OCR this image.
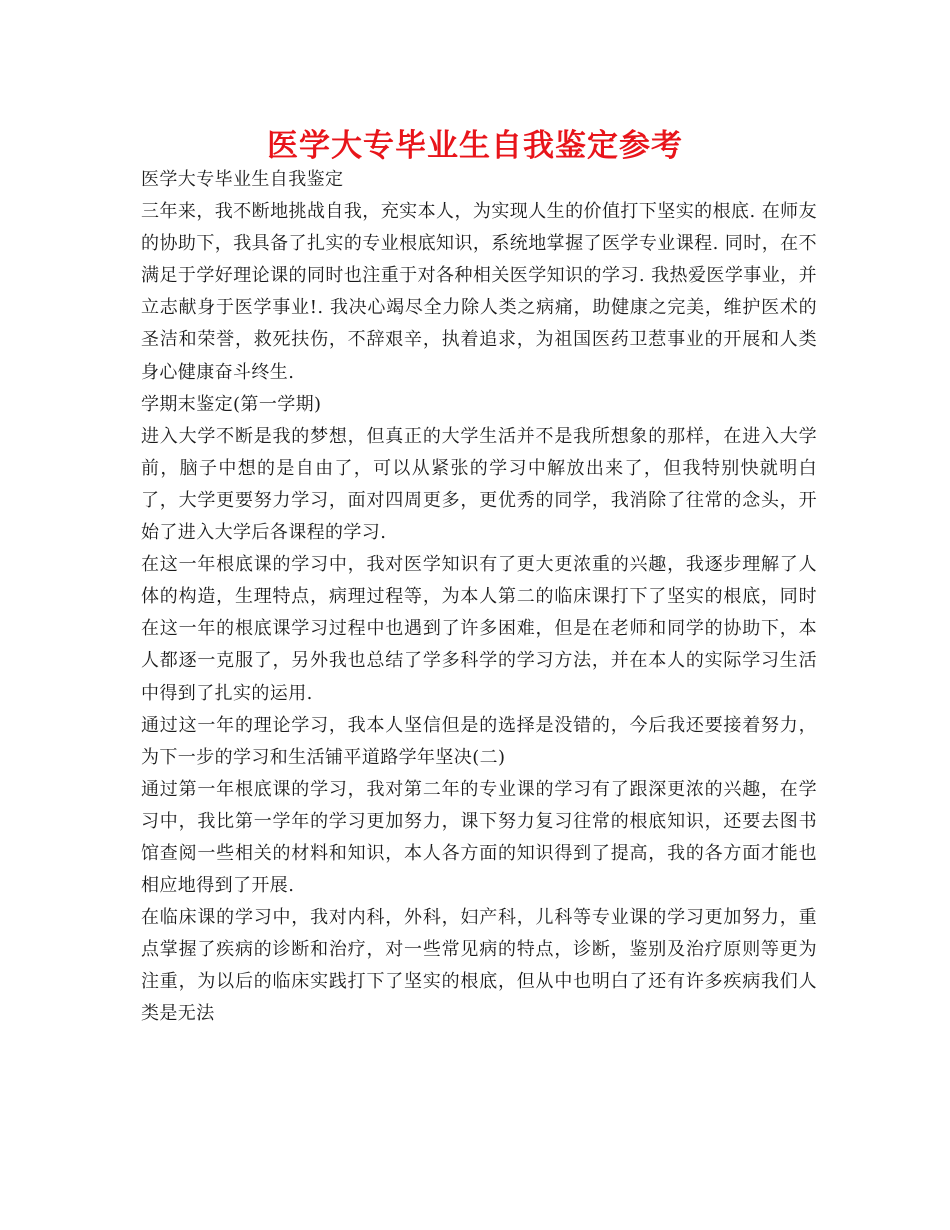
医学大专毕业生自我鉴定参考

医学大专毕业生自我鉴定

三年来，我不断地挑战自我，充实本人，为实现人生的价值打下坚实的根底. 在师友的协助下，我具备了扎实的专业根底知识，系统地掌握了医学专业课程. 同时，在不满足于学好理论课的同时也注重于对各种相关医学知识的学习. 我热爱医学事业，并立志献身于医学事业!. 我决心竭尽全力除人类之病痛，助健康之完美，维护医术的圣洁和荣誉，救死扶伤，不辞艰辛，执着追求，为祖国医药卫惹事业的开展和人类身心健康奋斗终生.

学期末鉴定(第一学期)

进入大学不断是我的梦想，但真正的大学生活并不是我所想象的那样，在进入大学前，脑子中想的是自由了，可以从紧张的学习中解放出来了，但我特别快就明白了，大学更要努力学习，面对四周更多，更优秀的同学，我消除了往常的念头，开始了进入大学后各课程的学习.

在这一年根底课的学习中，我对医学知识有了更大更浓重的兴趣，我逐步理解了人体的构造，生理特点，病理过程等，为本人第二的临床课打下了坚实的根底，同时在这一年的根底课学习过程中也遇到了许多困难，但是在老师和同学的协助下，本人都逐一克服了，另外我也总结了学多科学的学习方法，并在本人的实际学习生活中得到了扎实的运用.

通过这一年的理论学习，我本人坚信但是的选择是没错的，今后我还要接着努力，为下一步的学习和生活铺平道路学年坚决(二)

通过第一年根底课的学习，我对第二年的专业课的学习有了跟深更浓的兴趣，在学习中，我比第一学年的学习更加努力，课下努力复习往常的根底知识，还要去图书馆查阅一些相关的材料和知识，本人各方面的知识得到了提高，我的各方面才能也相应地得到了开展.

在临床课的学习中，我对内科，外科，妇产科，儿科等专业课的学习更加努力，重点掌握了疾病的诊断和治疗，对一些常见病的特点，诊断，鉴别及治疗原则等更为注重，为以后的临床实践打下了坚实的根底，但从中也明白了还有许多疾病我们人类是无法
